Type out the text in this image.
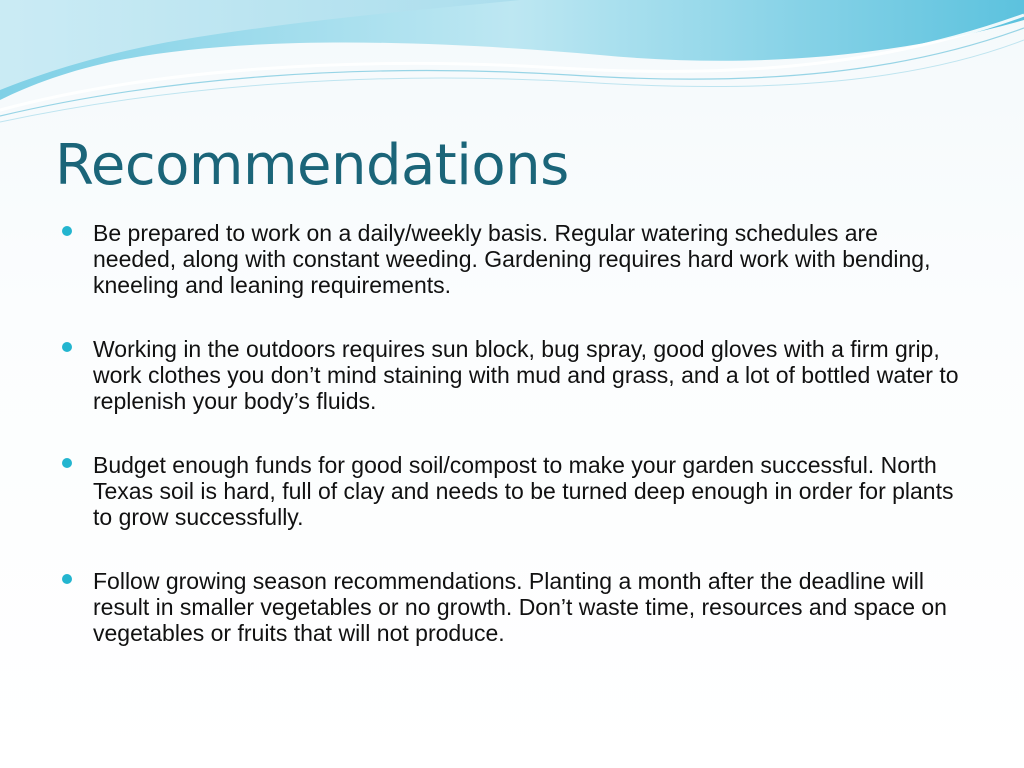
Recommendations
Be prepared to work on a daily/weekly basis. Regular watering schedules are needed, along with constant weeding. Gardening requires hard work with bending, kneeling and leaning requirements.
Working in the outdoors requires sun block, bug spray, good gloves with a firm grip, work clothes you don’t mind staining with mud and grass, and a lot of bottled water to replenish your body’s fluids.
Budget enough funds for good soil/compost to make your garden successful. North Texas soil is hard, full of clay and needs to be turned deep enough in order for plants to grow successfully.
Follow growing season recommendations. Planting a month after the deadline will result in smaller vegetables or no growth. Don’t waste time, resources and space on vegetables or fruits that will not produce.
